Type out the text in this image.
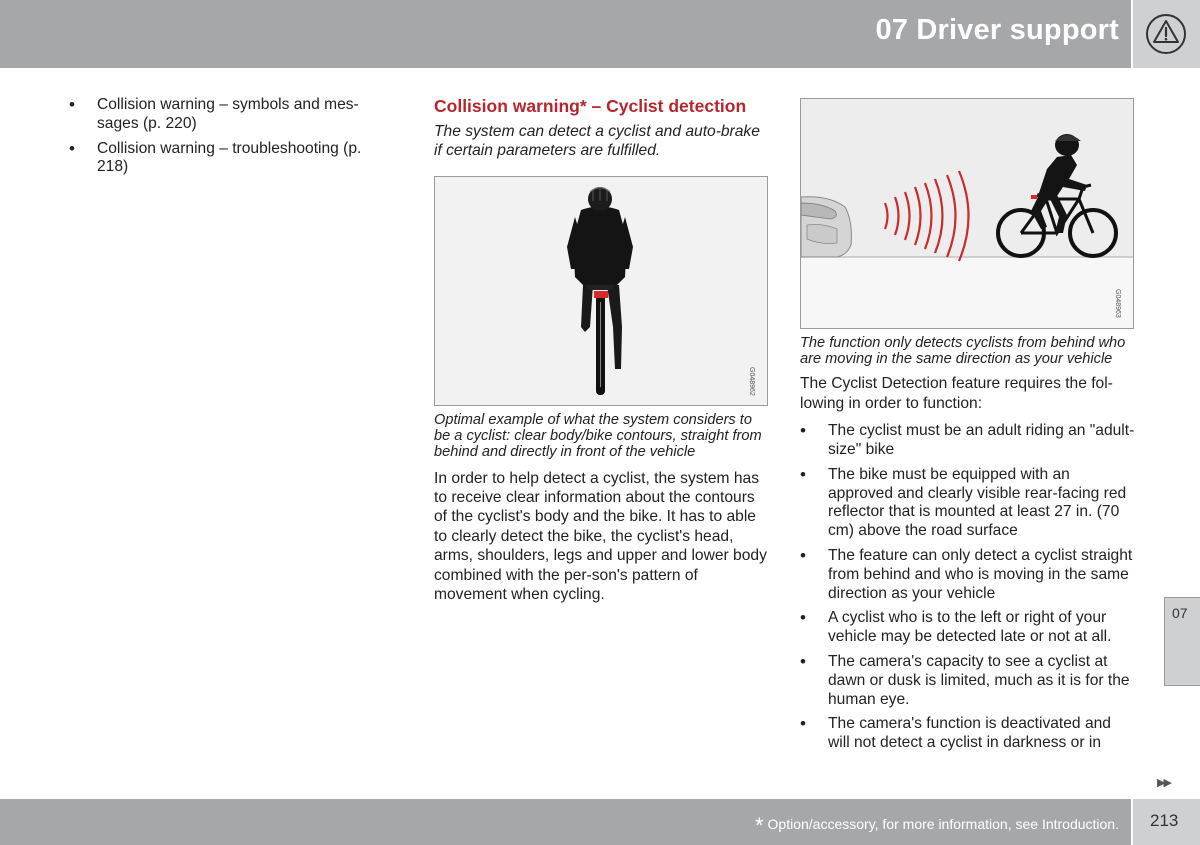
07 Driver support
• Collision warning – symbols and mes-sages (p. 220)
• Collision warning – troubleshooting (p. 218)
Collision warning* – Cyclist detection

The system can detect a cyclist and auto-brake if certain parameters are fulfilled.

G048962

Optimal example of what the system considers to be a cyclist: clear body/bike contours, straight from behind and directly in front of the vehicle

In order to help detect a cyclist, the system has to receive clear information about the contours of the cyclist's body and the bike. It has to able to clearly detect the bike, the cyclist's head, arms, shoulders, legs and upper and lower body combined with the per-son's pattern of movement when cycling.

G048963

The function only detects cyclists from behind who are moving in the same direction as your vehicle

The Cyclist Detection feature requires the fol-lowing in order to function:

• The cyclist must be an adult riding an "adult-size" bike
• The bike must be equipped with an approved and clearly visible rear-facing red reflector that is mounted at least 27 in. (70 cm) above the road surface
• The feature can only detect a cyclist straight from behind and who is moving in the same direction as your vehicle
• A cyclist who is to the left or right of your vehicle may be detected late or not at all.
• The camera's capacity to see a cyclist at dawn or dusk is limited, much as it is for the human eye.
• The camera's function is deactivated and will not detect a cyclist in darkness or in
07
▶▶
* Option/accessory, for more information, see Introduction. 213
